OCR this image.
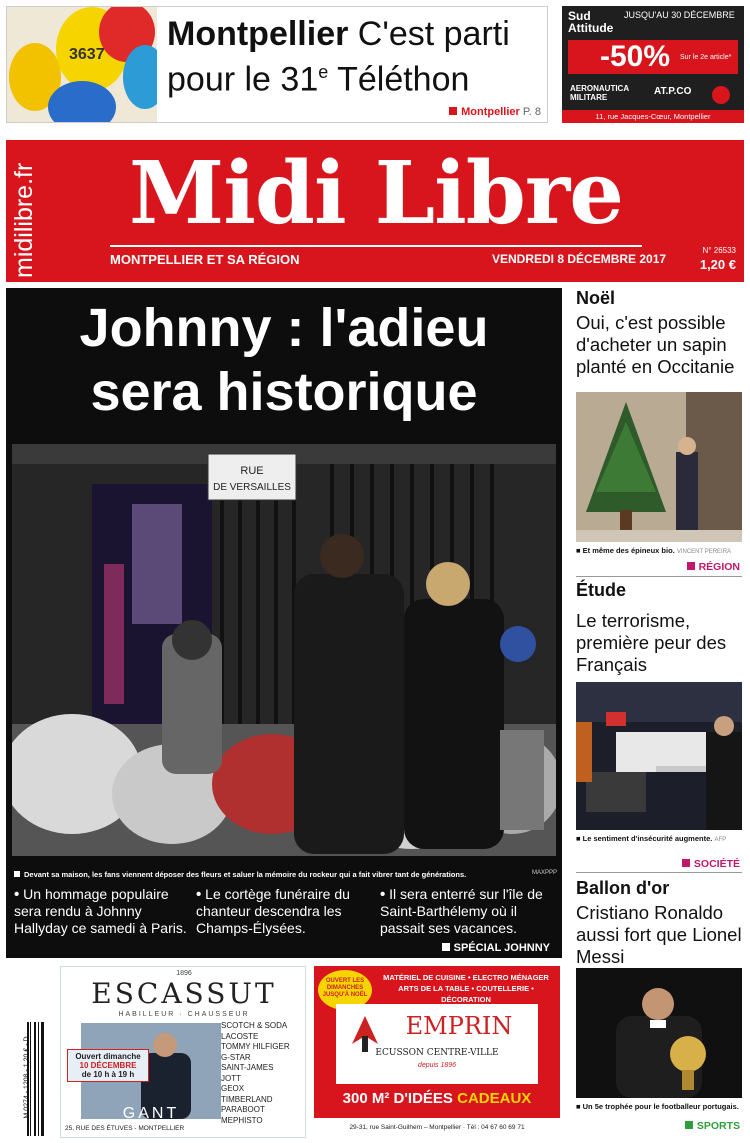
3637
Montpellier C'est parti
pour le 31e Téléthon
Montpellier P. 8
Sud Attitude
JUSQU'AU 30 DÉCEMBRE
-50% Sur le 2e article*
AERONAUTICA MILITARE
AT.P.CO
11, rue Jacques-Cœur, Montpellier
midilibre.fr Midi Libre
MONTPELLIER ET SA RÉGION	VENDREDI 8 DÉCEMBRE 2017
N° 26533
1,20 €
Johnny : l'adieu
sera historique
RUE
DE VERSAILLES
Devant sa maison, les fans viennent déposer des fleurs et saluer la mémoire du rockeur qui a fait vibrer tant de générations.	MAXPPP
• Un hommage populaire sera rendu à Johnny Hallyday ce samedi à Paris.
• Le cortège funéraire du chanteur descendra les Champs-Élysées.
• Il sera enterré sur l'île de Saint-Barthélemy où il passait ses vacances.
SPÉCIAL JOHNNY
Noël
Oui, c'est possible d'acheter un sapin planté en Occitanie
■ Et même des épineux bio. VINCENT PEREIRA
RÉGION
Étude
Le terrorisme, première peur des Français
■ Le sentiment d'insécurité augmente. AFP
SOCIÉTÉ
Ballon d'or
Cristiano Ronaldo aussi fort que Lionel Messi
■ Un 5e trophée pour le footballeur portugais.
SPORTS
M 0274 - 1208 - 1,20 € - D
1896
ESCASSUT
HABILLEUR · CHAUSSEUR
Ouvert dimanche
10 DÉCEMBRE
de 10 h à 19 h
SCOTCH & SODA
LACOSTE
TOMMY HILFIGER
G-STAR
SAINT-JAMES
JOTT
GEOX
TIMBERLAND
PARABOOT
MEPHISTO
GANT
25, RUE DES ÉTUVES - MONTPELLIER
OUVERT LES DIMANCHES JUSQU'À NOËL
MATÉRIEL DE CUISINE • ELECTRO MÉNAGER
ARTS DE LA TABLE • COUTELLERIE • DÉCORATION
EMPRIN
ECUSSON CENTRE-VILLE
depuis 1896
300 M² D'IDÉES CADEAUX
29-31, rue Saint-Guilhem – Montpellier · Tél : 04 67 60 69 71
